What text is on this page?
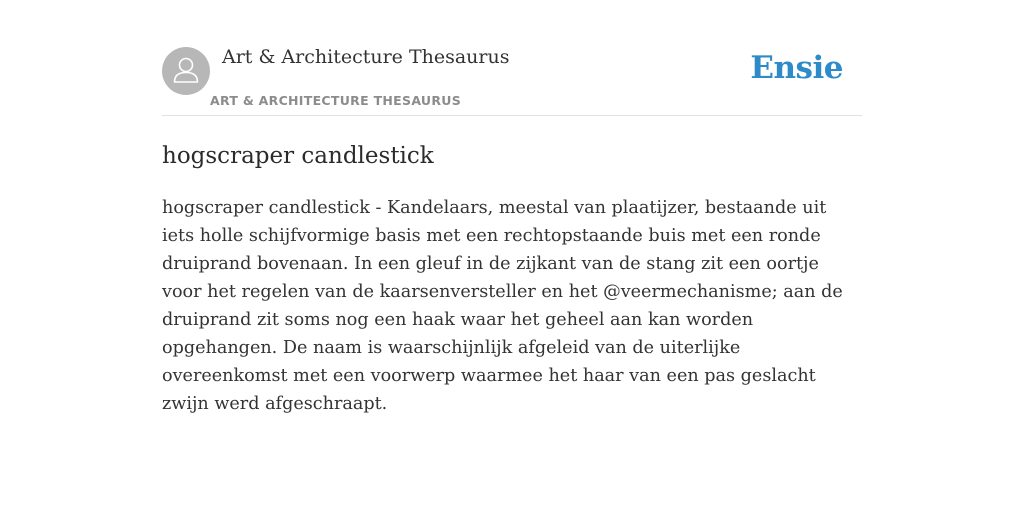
Art & Architecture Thesaurus
ART & ARCHITECTURE THESAURUS
Ensie
hogscraper candlestick

hogscraper candlestick - Kandelaars, meestal van plaatijzer, bestaande uit iets holle schijfvormige basis met een rechtopstaande buis met een ronde druiprand bovenaan. In een gleuf in de zijkant van de stang zit een oortje voor het regelen van de kaarsenversteller en het @veermechanisme; aan de druiprand zit soms nog een haak waar het geheel aan kan worden opgehangen. De naam is waarschijnlijk afgeleid van de uiterlijke overeenkomst met een voorwerp waarmee het haar van een pas geslacht zwijn werd afgeschraapt.
